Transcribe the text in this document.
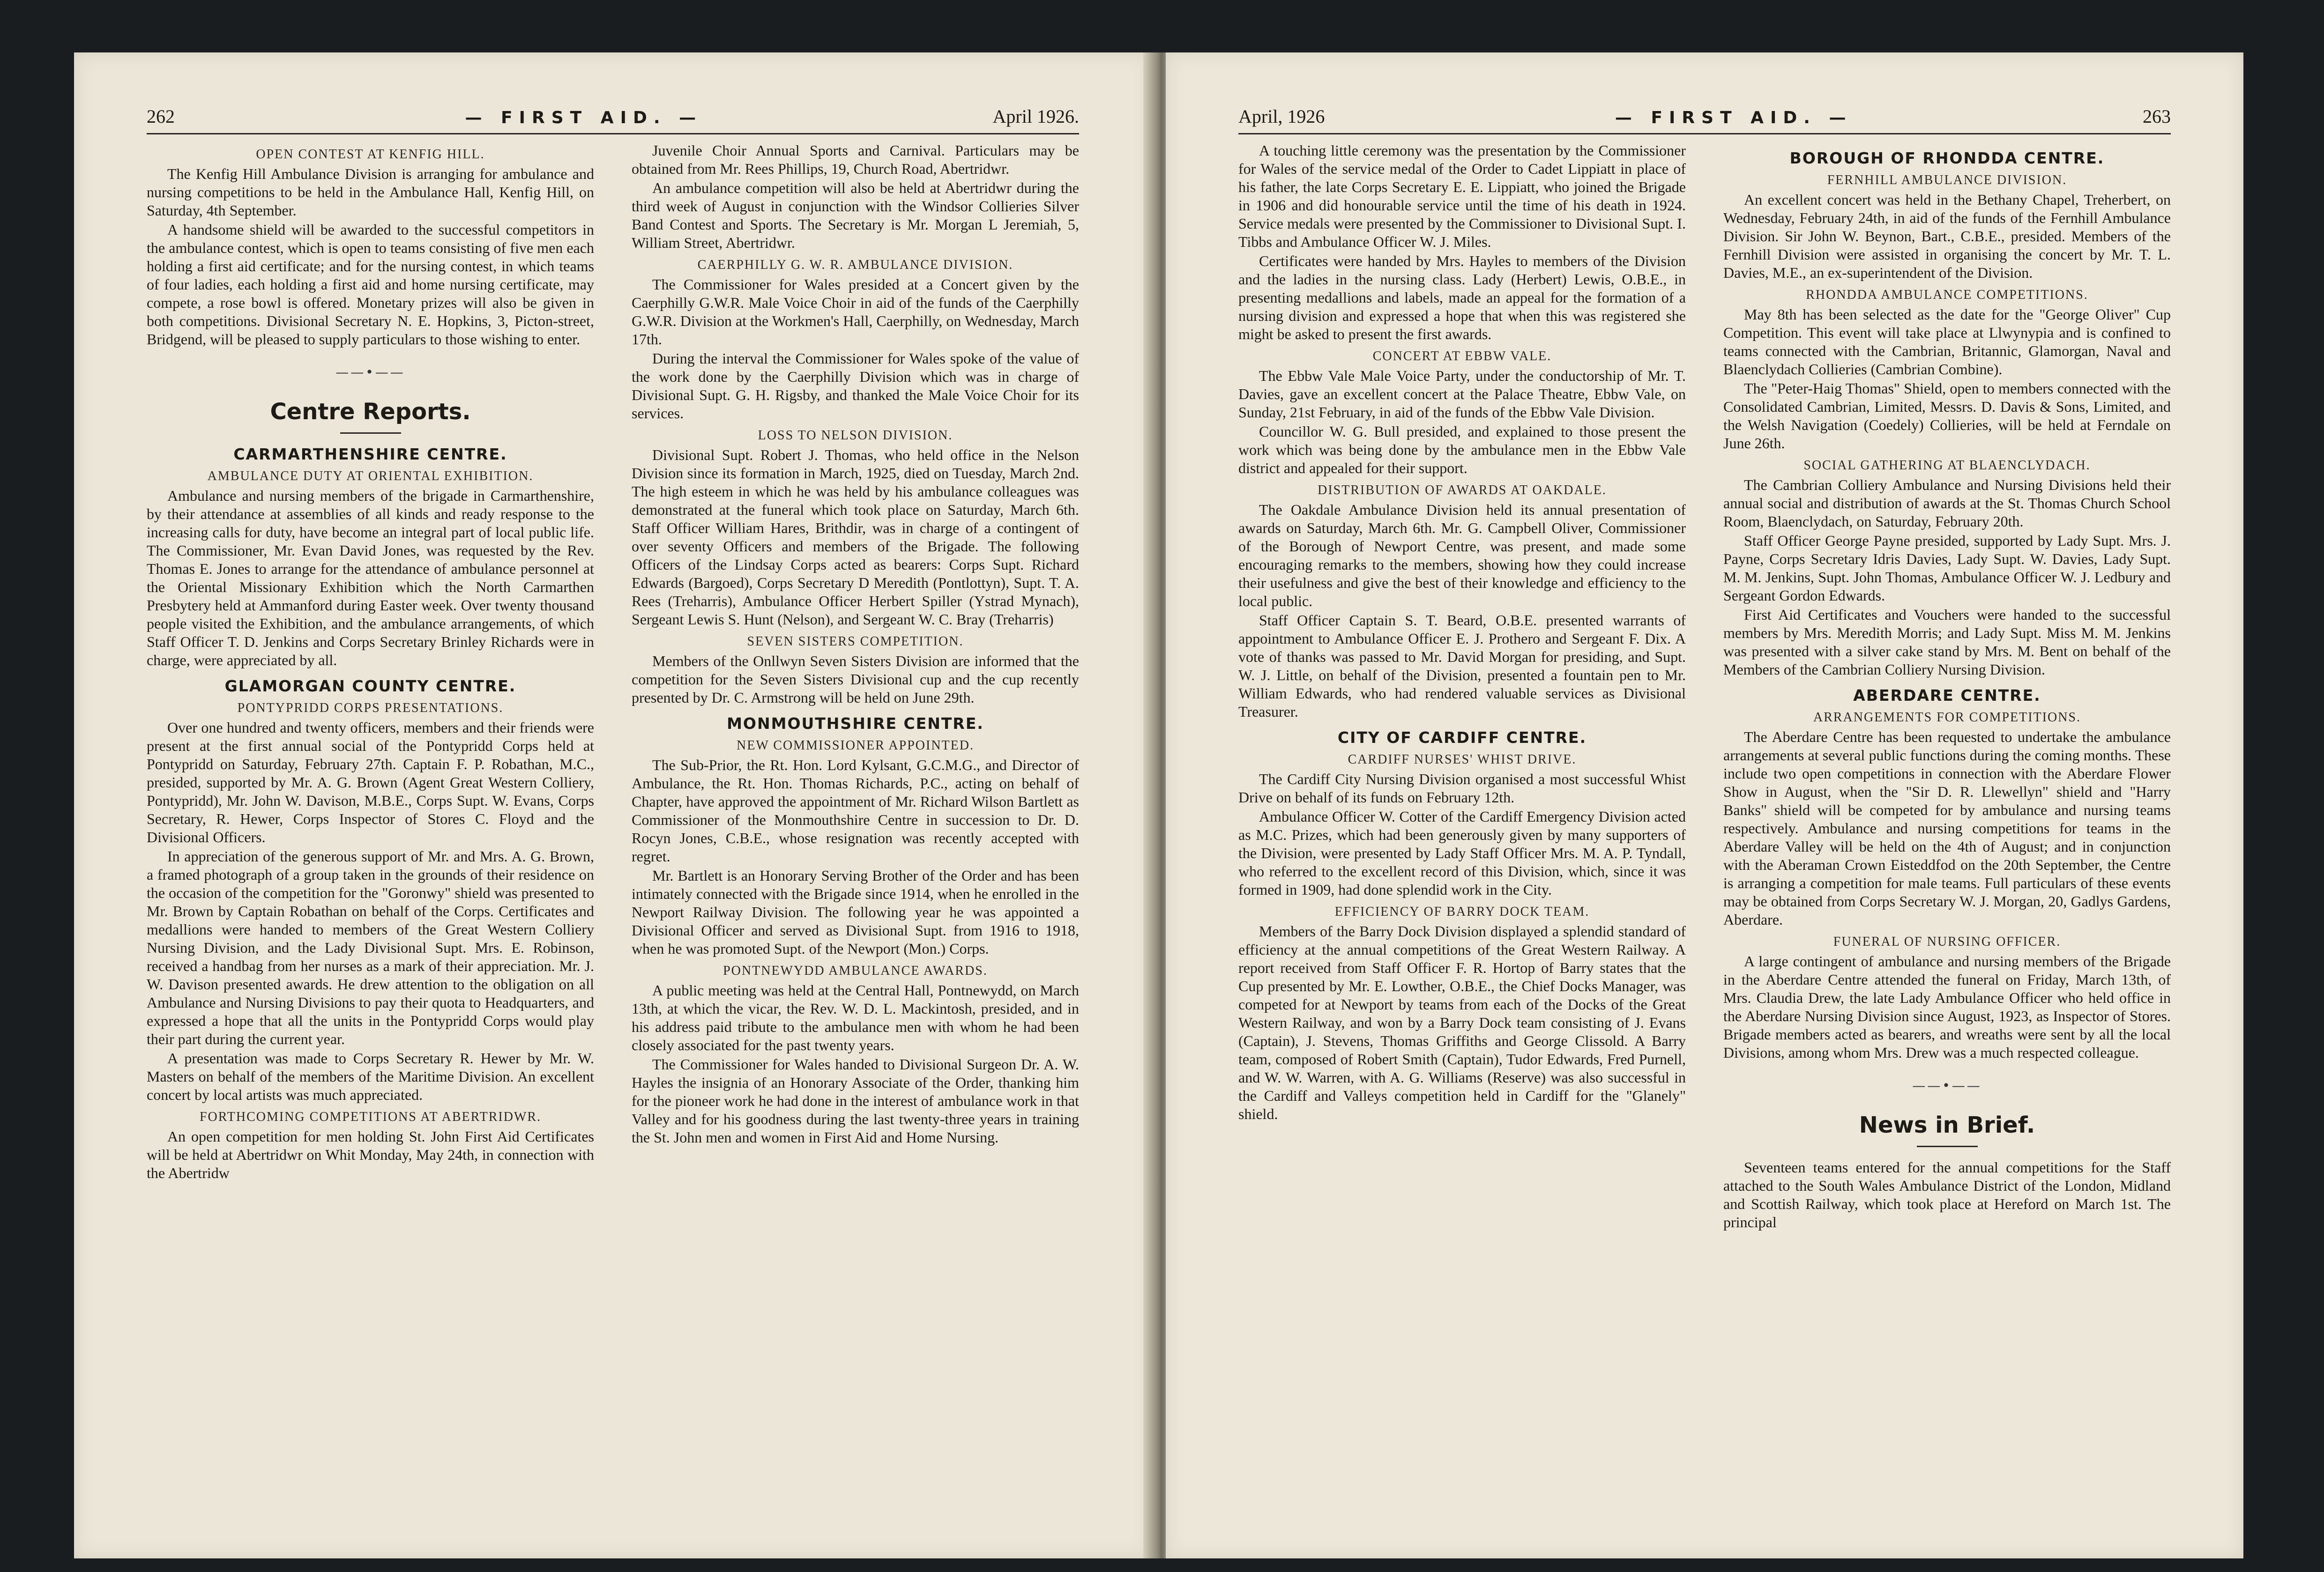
262	— FIRST AID. —	April 1926.
OPEN CONTEST AT KENFIG HILL.

The Kenfig Hill Ambulance Division is arranging for ambulance and nursing competitions to be held in the Ambulance Hall, Kenfig Hill, on Saturday, 4th September.

A handsome shield will be awarded to the successful competitors in the ambulance contest, which is open to teams consisting of five men each holding a first aid certificate; and for the nursing contest, in which teams of four ladies, each holding a first aid and home nursing certificate, may compete, a rose bowl is offered. Monetary prizes will also be given in both competitions. Divisional Secretary N. E. Hopkins, 3, Picton-street, Bridgend, will be pleased to supply particulars to those wishing to enter.

——•——
Centre Reports.
CARMARTHENSHIRE CENTRE.
AMBULANCE DUTY AT ORIENTAL EXHIBITION.

Ambulance and nursing members of the brigade in Carmarthenshire, by their attendance at assemblies of all kinds and ready response to the increasing calls for duty, have become an integral part of local public life. The Commissioner, Mr. Evan David Jones, was requested by the Rev. Thomas E. Jones to arrange for the attendance of ambulance personnel at the Oriental Missionary Exhibition which the North Carmarthen Presbytery held at Ammanford during Easter week. Over twenty thousand people visited the Exhibition, and the ambulance arrangements, of which Staff Officer T. D. Jenkins and Corps Secretary Brinley Richards were in charge, were appreciated by all.

GLAMORGAN COUNTY CENTRE.
PONTYPRIDD CORPS PRESENTATIONS.

Over one hundred and twenty officers, members and their friends were present at the first annual social of the Pontypridd Corps held at Pontypridd on Saturday, February 27th. Captain F. P. Robathan, M.C., presided, supported by Mr. A. G. Brown (Agent Great Western Colliery, Pontypridd), Mr. John W. Davison, M.B.E., Corps Supt. W. Evans, Corps Secretary, R. Hewer, Corps Inspector of Stores C. Floyd and the Divisional Officers.

In appreciation of the generous support of Mr. and Mrs. A. G. Brown, a framed photograph of a group taken in the grounds of their residence on the occasion of the competition for the "Goronwy" shield was presented to Mr. Brown by Captain Robathan on behalf of the Corps. Certificates and medallions were handed to members of the Great Western Colliery Nursing Division, and the Lady Divisional Supt. Mrs. E. Robinson, received a handbag from her nurses as a mark of their appreciation. Mr. J. W. Davison presented awards. He drew attention to the obligation on all Ambulance and Nursing Divisions to pay their quota to Headquarters, and expressed a hope that all the units in the Pontypridd Corps would play their part during the current year.

A presentation was made to Corps Secretary R. Hewer by Mr. W. Masters on behalf of the members of the Maritime Division. An excellent concert by local artists was much appreciated.

FORTHCOMING COMPETITIONS AT ABERTRIDWR.

An open competition for men holding St. John First Aid Certificates will be held at Abertridwr on Whit Monday, May 24th, in connection with the Abertridw

Juvenile Choir Annual Sports and Carnival. Particulars may be obtained from Mr. Rees Phillips, 19, Church Road, Abertridwr.

An ambulance competition will also be held at Abertridwr during the third week of August in conjunction with the Windsor Collieries Silver Band Contest and Sports. The Secretary is Mr. Morgan L Jeremiah, 5, William Street, Abertridwr.

CAERPHILLY G. W. R. AMBULANCE DIVISION.

The Commissioner for Wales presided at a Concert given by the Caerphilly G.W.R. Male Voice Choir in aid of the funds of the Caerphilly G.W.R. Division at the Workmen's Hall, Caerphilly, on Wednesday, March 17th.

During the interval the Commissioner for Wales spoke of the value of the work done by the Caerphilly Division which was in charge of Divisional Supt. G. H. Rigsby, and thanked the Male Voice Choir for its services.

LOSS TO NELSON DIVISION.

Divisional Supt. Robert J. Thomas, who held office in the Nelson Division since its formation in March, 1925, died on Tuesday, March 2nd. The high esteem in which he was held by his ambulance colleagues was demonstrated at the funeral which took place on Saturday, March 6th. Staff Officer William Hares, Brithdir, was in charge of a contingent of over seventy Officers and members of the Brigade. The following Officers of the Lindsay Corps acted as bearers: Corps Supt. Richard Edwards (Bargoed), Corps Secretary D Meredith (Pontlottyn), Supt. T. A. Rees (Treharris), Ambulance Officer Herbert Spiller (Ystrad Mynach), Sergeant Lewis S. Hunt (Nelson), and Sergeant W. C. Bray (Treharris)

SEVEN SISTERS COMPETITION.

Members of the Onllwyn Seven Sisters Division are informed that the competition for the Seven Sisters Divisional cup and the cup recently presented by Dr. C. Armstrong will be held on June 29th.

MONMOUTHSHIRE CENTRE.
NEW COMMISSIONER APPOINTED.

The Sub-Prior, the Rt. Hon. Lord Kylsant, G.C.M.G., and Director of Ambulance, the Rt. Hon. Thomas Richards, P.C., acting on behalf of Chapter, have approved the appointment of Mr. Richard Wilson Bartlett as Commissioner of the Monmouthshire Centre in succession to Dr. D. Rocyn Jones, C.B.E., whose resignation was recently accepted with regret.

Mr. Bartlett is an Honorary Serving Brother of the Order and has been intimately connected with the Brigade since 1914, when he enrolled in the Newport Railway Division. The following year he was appointed a Divisional Officer and served as Divisional Supt. from 1916 to 1918, when he was promoted Supt. of the Newport (Mon.) Corps.

PONTNEWYDD AMBULANCE AWARDS.

A public meeting was held at the Central Hall, Pontnewydd, on March 13th, at which the vicar, the Rev. W. D. L. Mackintosh, presided, and in his address paid tribute to the ambulance men with whom he had been closely associated for the past twenty years.

The Commissioner for Wales handed to Divisional Surgeon Dr. A. W. Hayles the insignia of an Honorary Associate of the Order, thanking him for the pioneer work he had done in the interest of ambulance work in that Valley and for his goodness during the last twenty-three years in training the St. John men and women in First Aid and Home Nursing.

April, 1926	— FIRST AID. —	263

A touching little ceremony was the presentation by the Commissioner for Wales of the service medal of the Order to Cadet Lippiatt in place of his father, the late Corps Secretary E. E. Lippiatt, who joined the Brigade in 1906 and did honourable service until the time of his death in 1924. Service medals were presented by the Commissioner to Divisional Supt. I. Tibbs and Ambulance Officer W. J. Miles.

Certificates were handed by Mrs. Hayles to members of the Division and the ladies in the nursing class. Lady (Herbert) Lewis, O.B.E., in presenting medallions and labels, made an appeal for the formation of a nursing division and expressed a hope that when this was registered she might be asked to present the first awards.

CONCERT AT EBBW VALE.

The Ebbw Vale Male Voice Party, under the conductorship of Mr. T. Davies, gave an excellent concert at the Palace Theatre, Ebbw Vale, on Sunday, 21st February, in aid of the funds of the Ebbw Vale Division.

Councillor W. G. Bull presided, and explained to those present the work which was being done by the ambulance men in the Ebbw Vale district and appealed for their support.

DISTRIBUTION OF AWARDS AT OAKDALE.

The Oakdale Ambulance Division held its annual presentation of awards on Saturday, March 6th. Mr. G. Campbell Oliver, Commissioner of the Borough of Newport Centre, was present, and made some encouraging remarks to the members, showing how they could increase their usefulness and give the best of their knowledge and efficiency to the local public.

Staff Officer Captain S. T. Beard, O.B.E. presented warrants of appointment to Ambulance Officer E. J. Prothero and Sergeant F. Dix. A vote of thanks was passed to Mr. David Morgan for presiding, and Supt. W. J. Little, on behalf of the Division, presented a fountain pen to Mr. William Edwards, who had rendered valuable services as Divisional Treasurer.

CITY OF CARDIFF CENTRE.
CARDIFF NURSES' WHIST DRIVE.

The Cardiff City Nursing Division organised a most successful Whist Drive on behalf of its funds on February 12th.

Ambulance Officer W. Cotter of the Cardiff Emergency Division acted as M.C. Prizes, which had been generously given by many supporters of the Division, were presented by Lady Staff Officer Mrs. M. A. P. Tyndall, who referred to the excellent record of this Division, which, since it was formed in 1909, had done splendid work in the City.

EFFICIENCY OF BARRY DOCK TEAM.

Members of the Barry Dock Division displayed a splendid standard of efficiency at the annual competitions of the Great Western Railway. A report received from Staff Officer F. R. Hortop of Barry states that the Cup presented by Mr. E. Lowther, O.B.E., the Chief Docks Manager, was competed for at Newport by teams from each of the Docks of the Great Western Railway, and won by a Barry Dock team consisting of J. Evans (Captain), J. Stevens, Thomas Griffiths and George Clissold. A Barry team, composed of Robert Smith (Captain), Tudor Edwards, Fred Purnell, and W. W. Warren, with A. G. Williams (Reserve) was also successful in the Cardiff and Valleys competition held in Cardiff for the "Glanely" shield.

BOROUGH OF RHONDDA CENTRE.
FERNHILL AMBULANCE DIVISION.

An excellent concert was held in the Bethany Chapel, Treherbert, on Wednesday, February 24th, in aid of the funds of the Fernhill Ambulance Division. Sir John W. Beynon, Bart., C.B.E., presided. Members of the Fernhill Division were assisted in organising the concert by Mr. T. L. Davies, M.E., an ex-superintendent of the Division.

RHONDDA AMBULANCE COMPETITIONS.

May 8th has been selected as the date for the "George Oliver" Cup Competition. This event will take place at Llwynypia and is confined to teams connected with the Cambrian, Britannic, Glamorgan, Naval and Blaenclydach Collieries (Cambrian Combine).

The "Peter-Haig Thomas" Shield, open to members connected with the Consolidated Cambrian, Limited, Messrs. D. Davis & Sons, Limited, and the Welsh Navigation (Coedely) Collieries, will be held at Ferndale on June 26th.

SOCIAL GATHERING AT BLAENCLYDACH.

The Cambrian Colliery Ambulance and Nursing Divisions held their annual social and distribution of awards at the St. Thomas Church School Room, Blaenclydach, on Saturday, February 20th.

Staff Officer George Payne presided, supported by Lady Supt. Mrs. J. Payne, Corps Secretary Idris Davies, Lady Supt. W. Davies, Lady Supt. M. M. Jenkins, Supt. John Thomas, Ambulance Officer W. J. Ledbury and Sergeant Gordon Edwards.

First Aid Certificates and Vouchers were handed to the successful members by Mrs. Meredith Morris; and Lady Supt. Miss M. M. Jenkins was presented with a silver cake stand by Mrs. M. Bent on behalf of the Members of the Cambrian Colliery Nursing Division.

ABERDARE CENTRE.
ARRANGEMENTS FOR COMPETITIONS.

The Aberdare Centre has been requested to undertake the ambulance arrangements at several public functions during the coming months. These include two open competitions in connection with the Aberdare Flower Show in August, when the "Sir D. R. Llewellyn" shield and "Harry Banks" shield will be competed for by ambulance and nursing teams respectively. Ambulance and nursing competitions for teams in the Aberdare Valley will be held on the 4th of August; and in conjunction with the Aberaman Crown Eisteddfod on the 20th September, the Centre is arranging a competition for male teams. Full particulars of these events may be obtained from Corps Secretary W. J. Morgan, 20, Gadlys Gardens, Aberdare.

FUNERAL OF NURSING OFFICER.

A large contingent of ambulance and nursing members of the Brigade in the Aberdare Centre attended the funeral on Friday, March 13th, of Mrs. Claudia Drew, the late Lady Ambulance Officer who held office in the Aberdare Nursing Division since August, 1923, as Inspector of Stores. Brigade members acted as bearers, and wreaths were sent by all the local Divisions, among whom Mrs. Drew was a much respected colleague.

——•——
News in Brief.

Seventeen teams entered for the annual competitions for the Staff attached to the South Wales Ambulance District of the London, Midland and Scottish Railway, which took place at Hereford on March 1st. The principal
